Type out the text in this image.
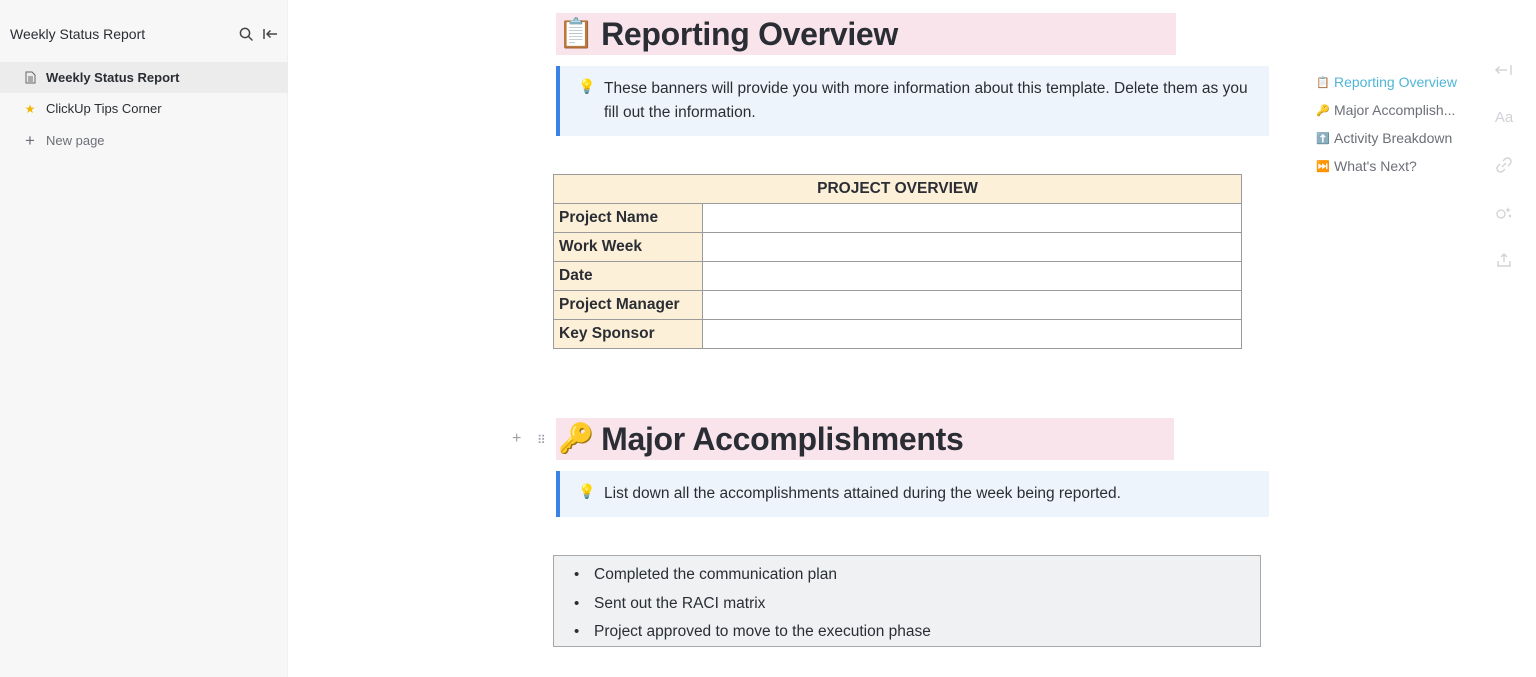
Weekly Status Report
Weekly Status Report
★ ClickUp Tips Corner
+ New page
📋 Reporting Overview
💡 These banners will provide you with more information about this template. Delete them as you fill out the information.
PROJECT OVERVIEW	
Project Name	
Work Week	
Date	
Project Manager	
Key Sponsor	
+ ⠿ 🔑 Major Accomplishments
💡 List down all the accomplishments attained during the week being reported.
• Completed the communication plan
• Sent out the RACI matrix
• Project approved to move to the execution phase
📋 Reporting Overview
🔑 Major Accomplish...
⬆️ Activity Breakdown
⏭️ What's Next?
Aa
